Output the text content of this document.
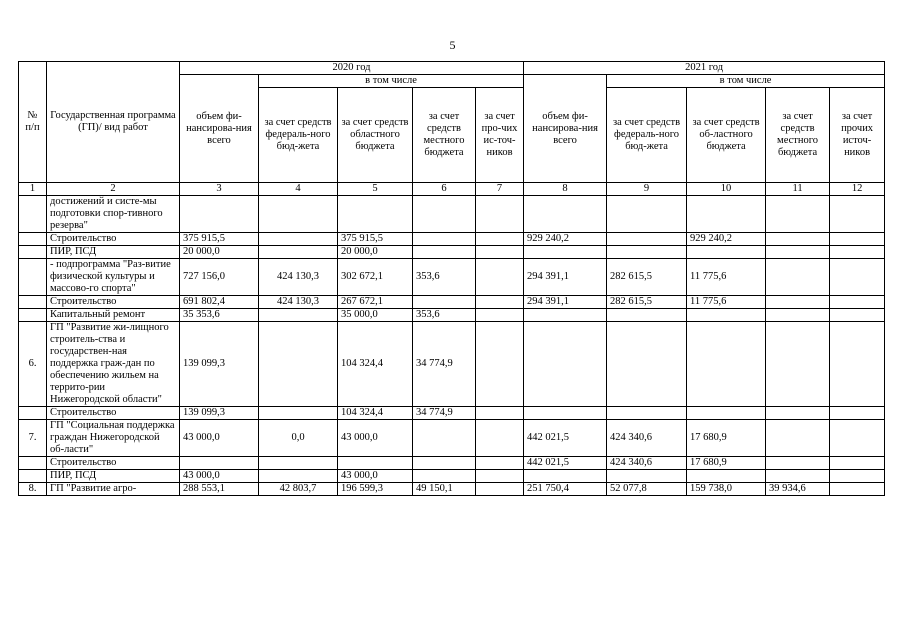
5
№ п/п	Государственная программа (ГП)/ вид работ	2020 год					2021 год				
		объем фи-нансирова-ния всего	в том числе				объем фи-нансирова-ния всего	в том числе			
			за счет средств федераль-ного бюд-жета	за счет средств областного бюджета	за счет средств местного бюджета	за счет про-чих ис-точ-ников		за счет средств федераль-ного бюд-жета	за счет средств об-ластного бюджета	за счет средств местного бюджета	за счет прочих источ-ников
1	2	3	4	5	6	7	8	9	10	11	12
	достижений и систе-мы подготовки спор-тивного резерва"										
	Строительство	375 915,5		375 915,5			929 240,2		929 240,2		
	ПИР, ПСД	20 000,0		20 000,0							
	- подпрограмма "Раз-витие физической культуры и массово-го спорта"	727 156,0	424 130,3	302 672,1	353,6		294 391,1	282 615,5	11 775,6		
	Строительство	691 802,4	424 130,3	267 672,1			294 391,1	282 615,5	11 775,6		
	Капитальный ремонт	35 353,6		35 000,0	353,6						
6.	ГП "Развитие жи-лищного строитель-ства и государствен-ная поддержка граж-дан по обеспечению жильем на террито-рии Нижегородской области"	139 099,3		104 324,4	34 774,9						
	Строительство	139 099,3		104 324,4	34 774,9						
7.	ГП "Социальная поддержка граждан Нижегородской об-ласти"	43 000,0	0,0	43 000,0			442 021,5	424 340,6	17 680,9		
	Строительство						442 021,5	424 340,6	17 680,9		
	ПИР, ПСД	43 000,0		43 000,0							
8.	ГП "Развитие агро-	288 553,1	42 803,7	196 599,3	49 150,1		251 750,4	52 077,8	159 738,0	39 934,6	
